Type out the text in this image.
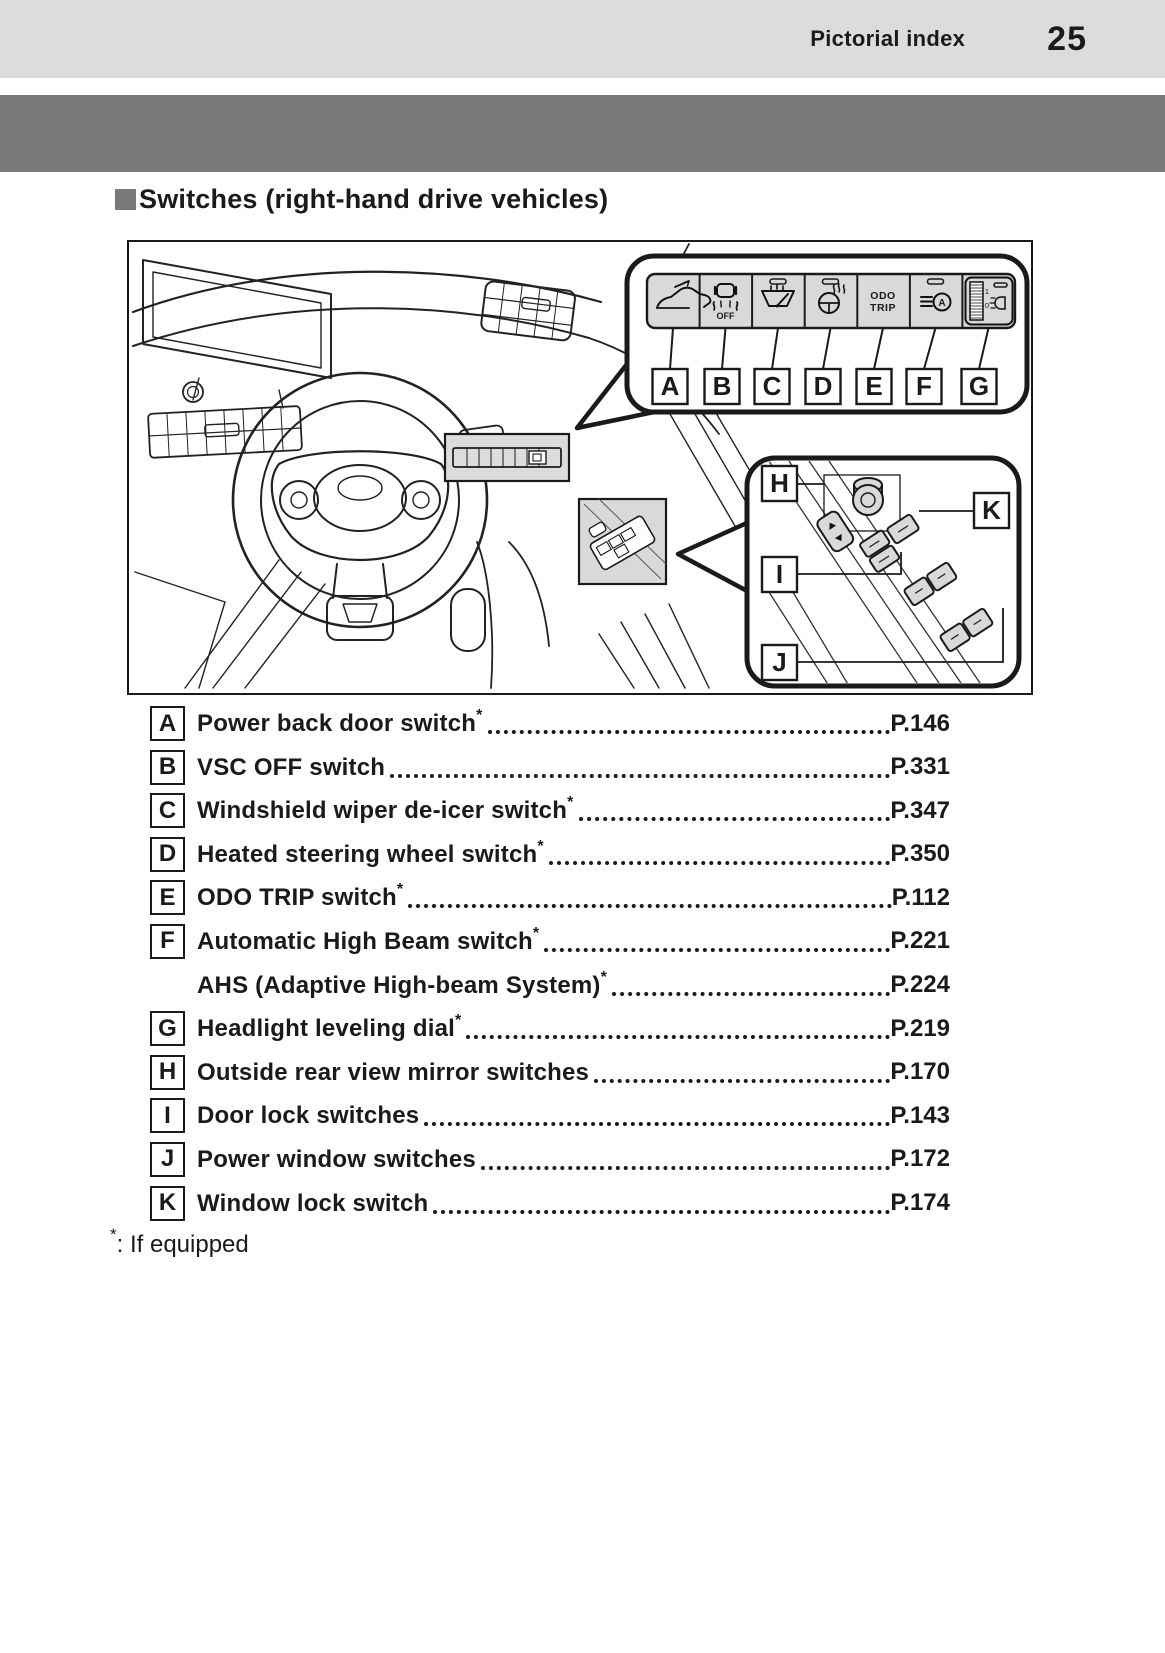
Pictorial index 25
Switches (right-hand drive vehicles)
OFF
ODO
TRIP	A
1
0
A B C D E F G
H
I
J
K
A Power back door switch*	P.146
B VSC OFF switch	P.331
C Windshield wiper de-icer switch*	P.347
D Heated steering wheel switch*	P.350
E ODO TRIP switch*	P.112
F Automatic High Beam switch*	P.221
AHS (Adaptive High-beam System)*	P.224
G Headlight leveling dial*	P.219
H Outside rear view mirror switches	P.170
I Door lock switches	P.143
J Power window switches	P.172
K Window lock switch	P.174
*: If equipped
